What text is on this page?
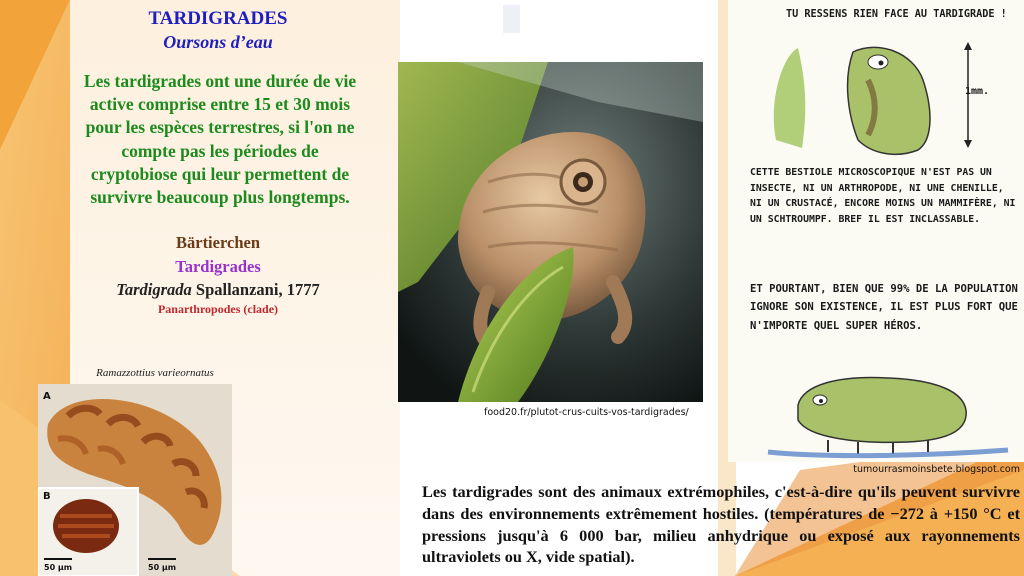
TARDIGRADES
Oursons d’eau
Les tardigrades ont une durée de vie active comprise entre 15 et 30 mois pour les espèces terrestres, si l'on ne compte pas les périodes de cryptobiose qui leur permettent de survivre beaucoup plus longtemps.
Bärtierchen
Tardigrades
Tardigrada Spallanzani, 1777
Panarthropodes (clade)
Ramazzottius varieornatus
A
B
50 µm	50 µm
food20.fr/plutot-crus-cuits-vos-tardigrades/
TU RESSENS RIEN FACE AU TARDIGRADE !
1mm.
CETTE BESTIOLE MICROSCOPIQUE N'EST PAS UN INSECTE, NI UN ARTHROPODE, NI UNE CHENILLE, NI UN CRUSTACÉ, ENCORE MOINS UN MAMMIFÈRE, NI UN SCHTROUMPF. BREF IL EST INCLASSABLE.
ET POURTANT, BIEN QUE 99% DE LA POPULATION IGNORE SON EXISTENCE, IL EST PLUS FORT QUE N'IMPORTE QUEL SUPER HÉROS.
tumourrasmoinsbete.blogspot.com
Les tardigrades sont des animaux extrémophiles, c'est-à-dire qu'ils peuvent survivre dans des environnements extrêmement hostiles. (températures de −272 à +150 °C et pressions jusqu'à 6 000 bar, milieu anhydrique ou exposé aux rayonnements ultraviolets ou X, vide spatial).
